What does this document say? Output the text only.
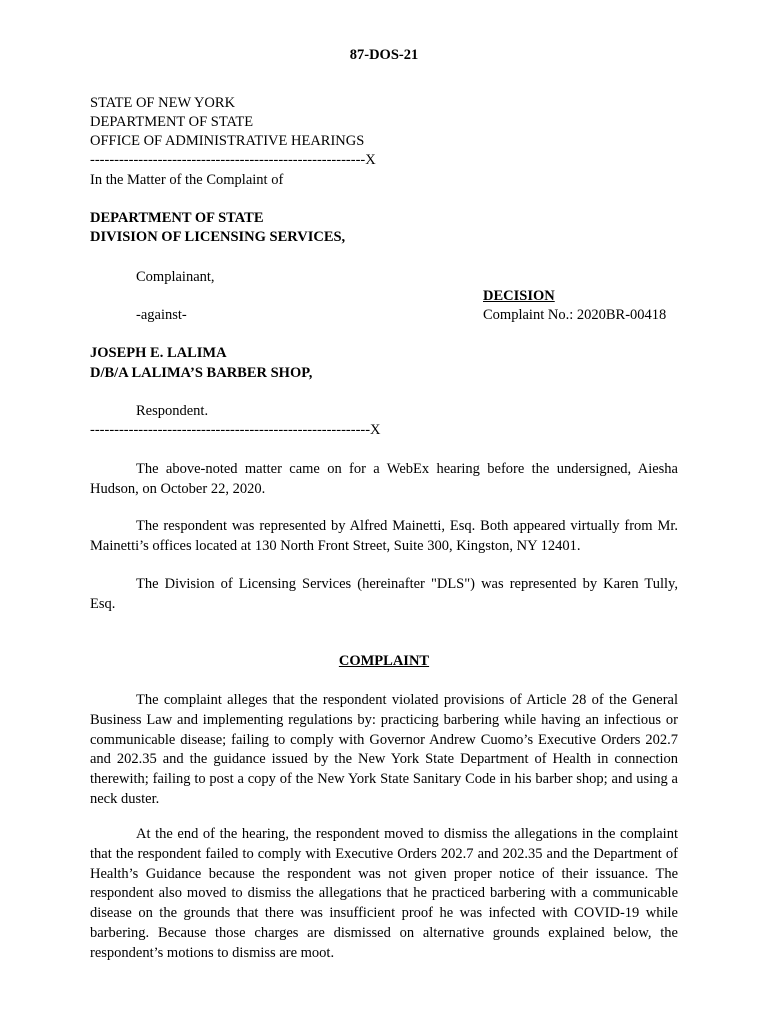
87-DOS-21
STATE OF NEW YORK
DEPARTMENT OF STATE
OFFICE OF ADMINISTRATIVE HEARINGS
---------------------------------------------------------X
In the Matter of the Complaint of
DEPARTMENT OF STATE
DIVISION OF LICENSING SERVICES,
Complainant,
DECISION
-against-	Complaint No.: 2020BR-00418
JOSEPH E. LALIMA
D/B/A LALIMA’S BARBER SHOP,
Respondent.
----------------------------------------------------------X

The above-noted matter came on for a WebEx hearing before the undersigned, Aiesha Hudson, on October 22, 2020.

The respondent was represented by Alfred Mainetti, Esq. Both appeared virtually from Mr. Mainetti’s offices located at 130 North Front Street, Suite 300, Kingston, NY 12401.

The Division of Licensing Services (hereinafter "DLS") was represented by Karen Tully, Esq.

COMPLAINT

The complaint alleges that the respondent violated provisions of Article 28 of the General Business Law and implementing regulations by: practicing barbering while having an infectious or communicable disease; failing to comply with Governor Andrew Cuomo’s Executive Orders 202.7 and 202.35 and the guidance issued by the New York State Department of Health in connection therewith; failing to post a copy of the New York State Sanitary Code in his barber shop; and using a neck duster.

At the end of the hearing, the respondent moved to dismiss the allegations in the complaint that the respondent failed to comply with Executive Orders 202.7 and 202.35 and the Department of Health’s Guidance because the respondent was not given proper notice of their issuance. The respondent also moved to dismiss the allegations that he practiced barbering with a communicable disease on the grounds that there was insufficient proof he was infected with COVID-19 while barbering. Because those charges are dismissed on alternative grounds explained below, the respondent’s motions to dismiss are moot.
